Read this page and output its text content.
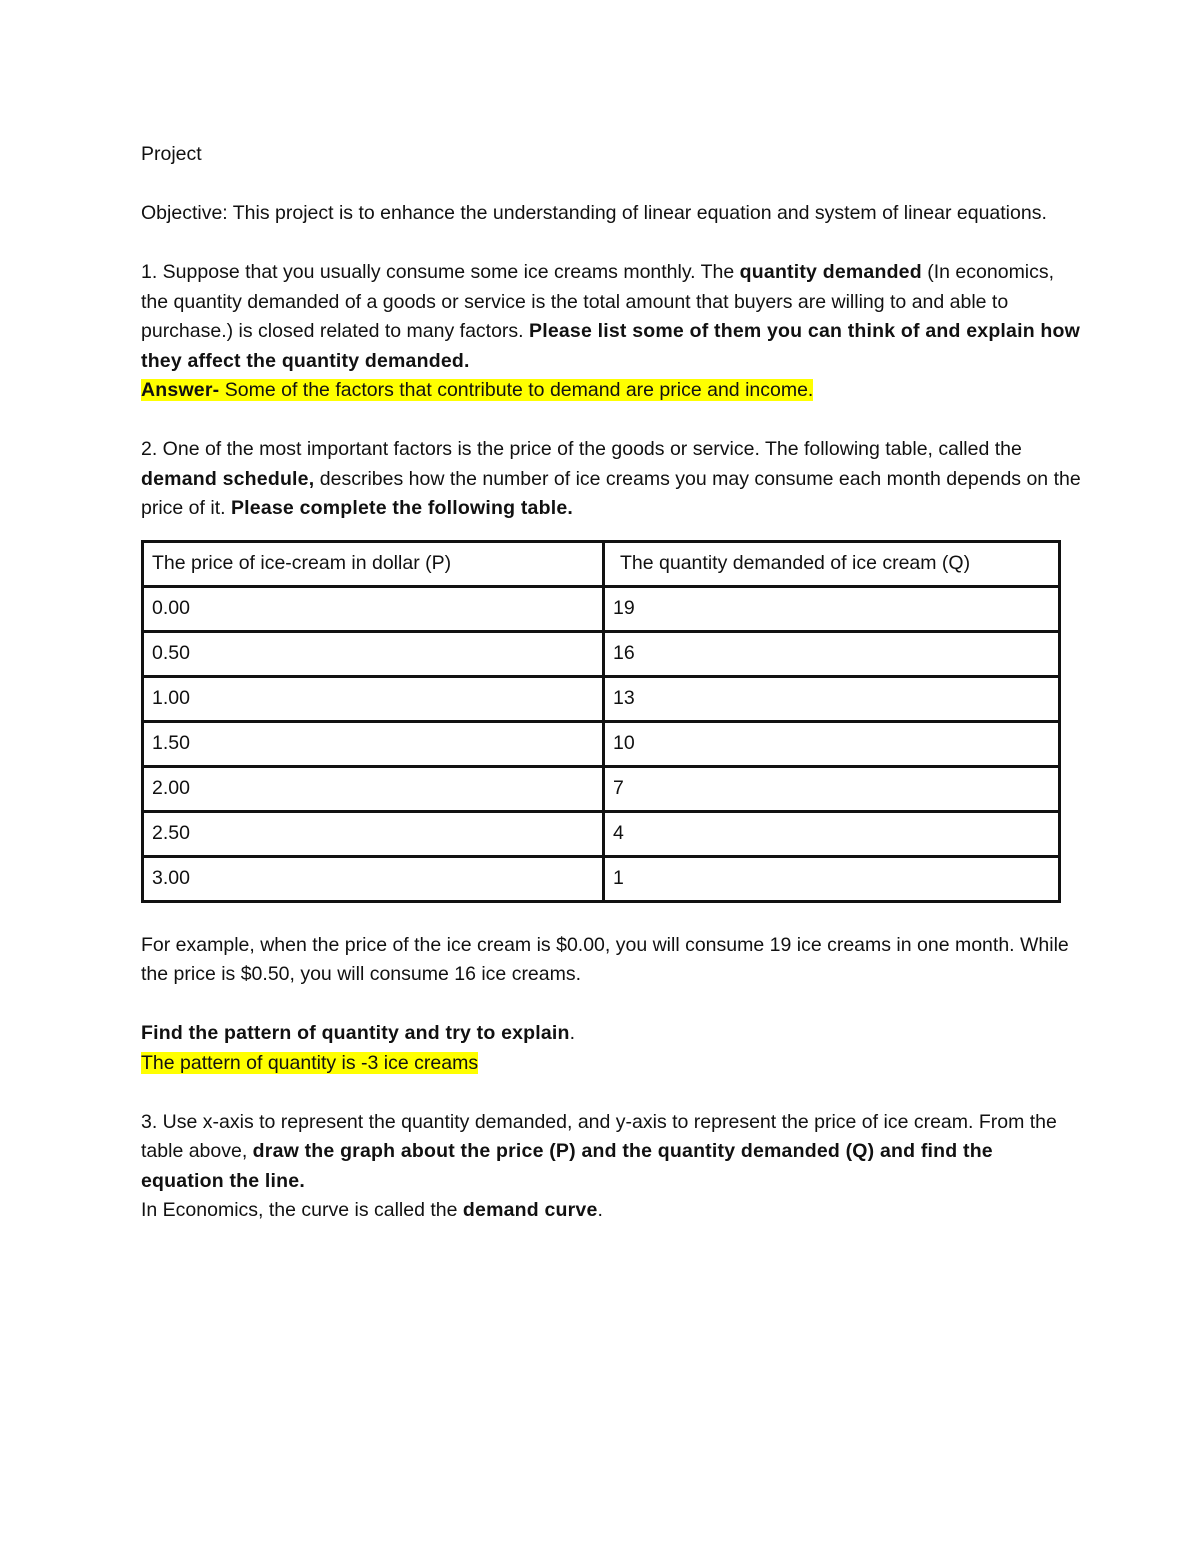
Project

Objective: This project is to enhance the understanding of linear equation and system of linear equations.

1. Suppose that you usually consume some ice creams monthly. The quantity demanded (In economics, the quantity demanded of a goods or service is the total amount that buyers are willing to and able to purchase.) is closed related to many factors. Please list some of them you can think of and explain how they affect the quantity demanded.

Answer- Some of the factors that contribute to demand are price and income.

2. One of the most important factors is the price of the goods or service. The following table, called the demand schedule, describes how the number of ice creams you may consume each month depends on the price of it. Please complete the following table.

The price of ice-cream in dollar (P)	The quantity demanded of ice cream (Q)
0.00	19
0.50	16
1.00	13
1.50	10
2.00	7
2.50	4
3.00	1

For example, when the price of the ice cream is $0.00, you will consume 19 ice creams in one month. While the price is $0.50, you will consume 16 ice creams.

Find the pattern of quantity and try to explain.

The pattern of quantity is -3 ice creams

3. Use x-axis to represent the quantity demanded, and y-axis to represent the price of ice cream. From the table above, draw the graph about the price (P) and the quantity demanded (Q) and find the equation the line.

In Economics, the curve is called the demand curve.
